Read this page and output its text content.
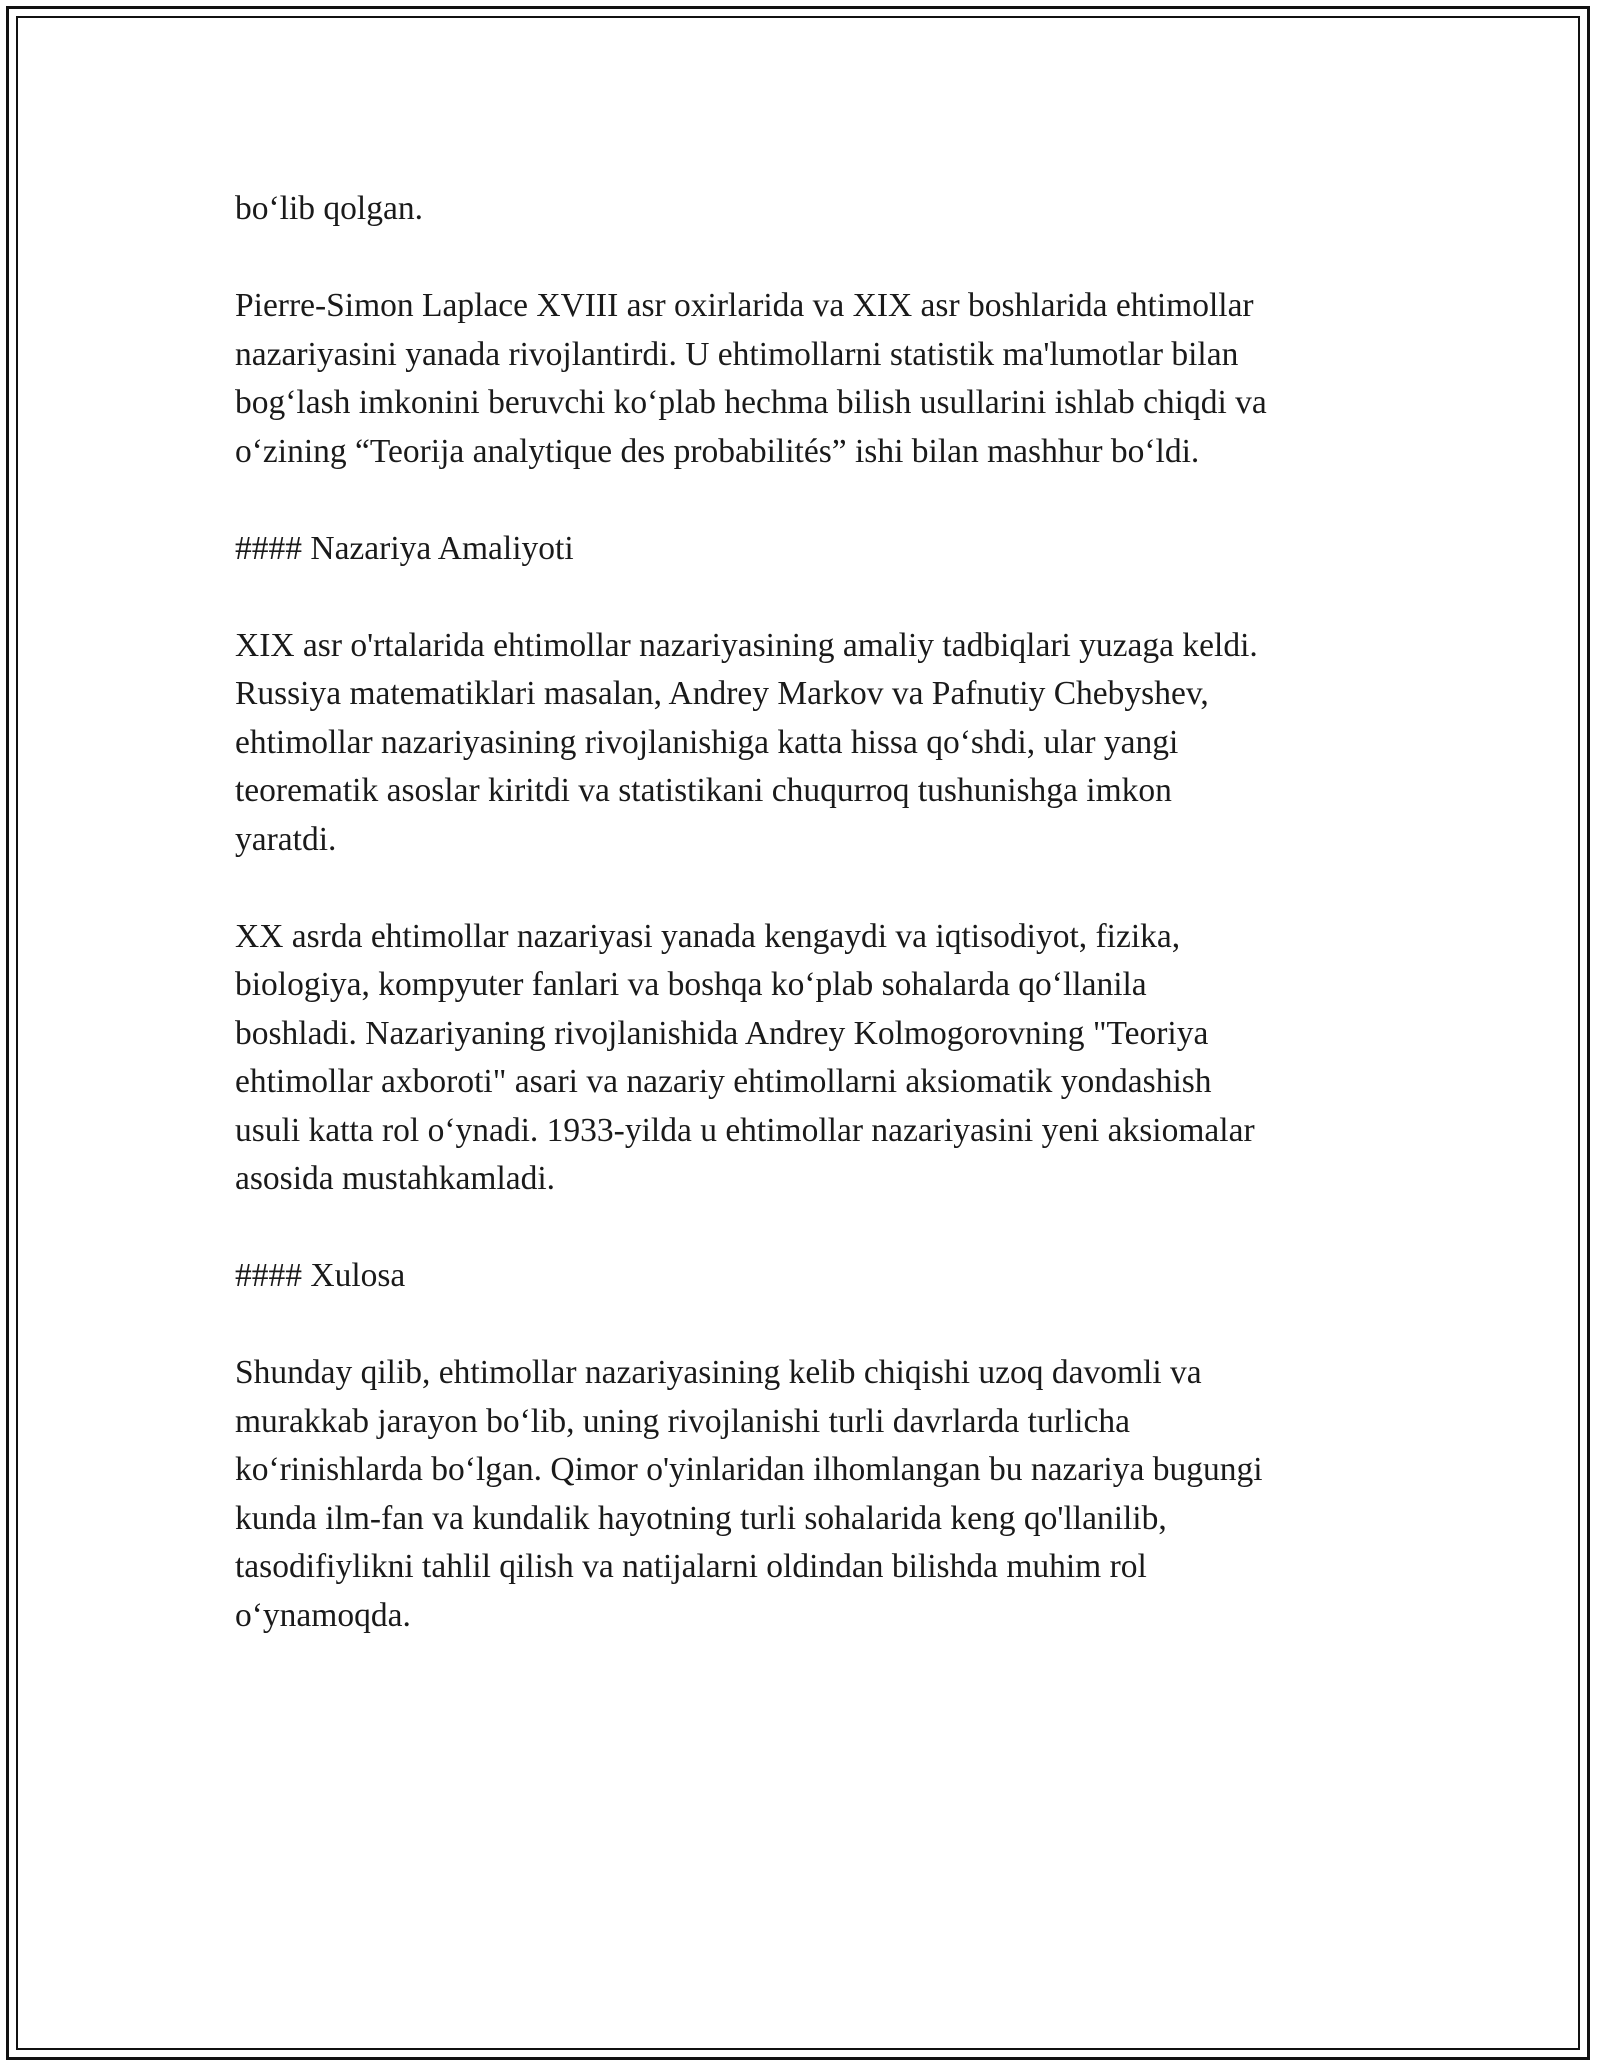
bo‘lib qolgan.
Pierre-Simon Laplace XVIII asr oxirlarida va XIX asr boshlarida ehtimollar
nazariyasini yanada rivojlantirdi. U ehtimollarni statistik ma'lumotlar bilan
bog‘lash imkonini beruvchi ko‘plab hechma bilish usullarini ishlab chiqdi va
o‘zining “Teorija analytique des probabilités” ishi bilan mashhur bo‘ldi.
#### Nazariya Amaliyoti
XIX asr o'rtalarida ehtimollar nazariyasining amaliy tadbiqlari yuzaga keldi.
Russiya matematiklari masalan, Andrey Markov va Pafnutiy Chebyshev,
ehtimollar nazariyasining rivojlanishiga katta hissa qo‘shdi, ular yangi
teorematik asoslar kiritdi va statistikani chuqurroq tushunishga imkon
yaratdi.
XX asrda ehtimollar nazariyasi yanada kengaydi va iqtisodiyot, fizika,
biologiya, kompyuter fanlari va boshqa ko‘plab sohalarda qo‘llanila
boshladi. Nazariyaning rivojlanishida Andrey Kolmogorovning "Teoriya
ehtimollar axboroti" asari va nazariy ehtimollarni aksiomatik yondashish
usuli katta rol o‘ynadi. 1933-yilda u ehtimollar nazariyasini yeni aksiomalar
asosida mustahkamladi.
#### Xulosa
Shunday qilib, ehtimollar nazariyasining kelib chiqishi uzoq davomli va
murakkab jarayon bo‘lib, uning rivojlanishi turli davrlarda turlicha
ko‘rinishlarda bo‘lgan. Qimor o'yinlaridan ilhomlangan bu nazariya bugungi
kunda ilm-fan va kundalik hayotning turli sohalarida keng qo'llanilib,
tasodifiylikni tahlil qilish va natijalarni oldindan bilishda muhim rol
o‘ynamoqda.
